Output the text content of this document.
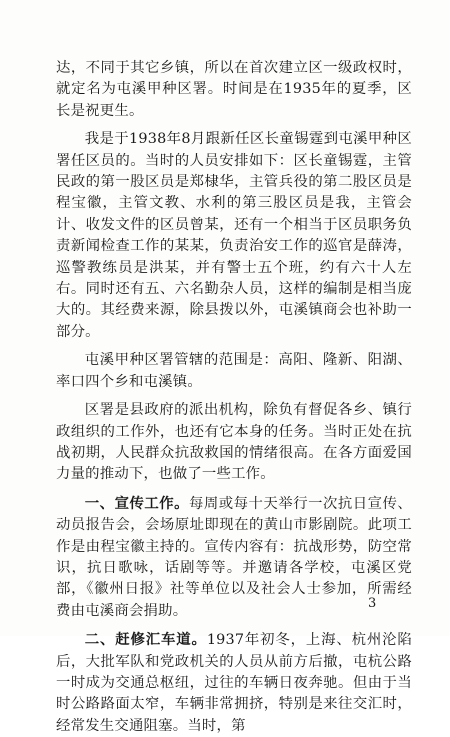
达，不同于其它乡镇，所以在首次建立区一级政权时，就定名为屯溪甲种区署。时间是在1935年的夏季，区长是祝更生。

我是于1938年8月跟新任区长童锡霆到屯溪甲种区署任区员的。当时的人员安排如下：区长童锡霆，主管民政的第一股区员是郑棣华，主管兵役的第二股区员是程宝徽，主管文教、水利的第三股区员是我，主管会计、收发文件的区员曾某，还有一个相当于区员职务负责新闻检查工作的某某，负责治安工作的巡官是薛涛，巡警教练员是洪某，并有警士五个班，约有六十人左右。同时还有五、六名勤杂人员，这样的编制是相当庞大的。其经费来源，除县拨以外，屯溪镇商会也补助一部分。

屯溪甲种区署管辖的范围是：高阳、隆新、阳湖、率口四个乡和屯溪镇。

区署是县政府的派出机构，除负有督促各乡、镇行政组织的工作外，也还有它本身的任务。当时正处在抗战初期，人民群众抗敌救国的情绪很高。在各方面爱国力量的推动下，也做了一些工作。

一、宣传工作。每周或每十天举行一次抗日宣传、动员报告会，会场原址即现在的黄山市影剧院。此项工作是由程宝徽主持的。宣传内容有：抗战形势，防空常识，抗日歌咏，话剧等等。并邀请各学校，屯溪区党部，《徽州日报》社等单位以及社会人士参加，所需经费由屯溪商会捐助。

二、赶修汇车道。1937年初冬，上海、杭州沦陷后，大批军队和党政机关的人员从前方后撤，屯杭公路一时成为交通总枢纽，过往的车辆日夜奔驰。但由于当时公路路面太窄，车辆非常拥挤，特别是来往交汇时，经常发生交通阻塞。当时，第

3
